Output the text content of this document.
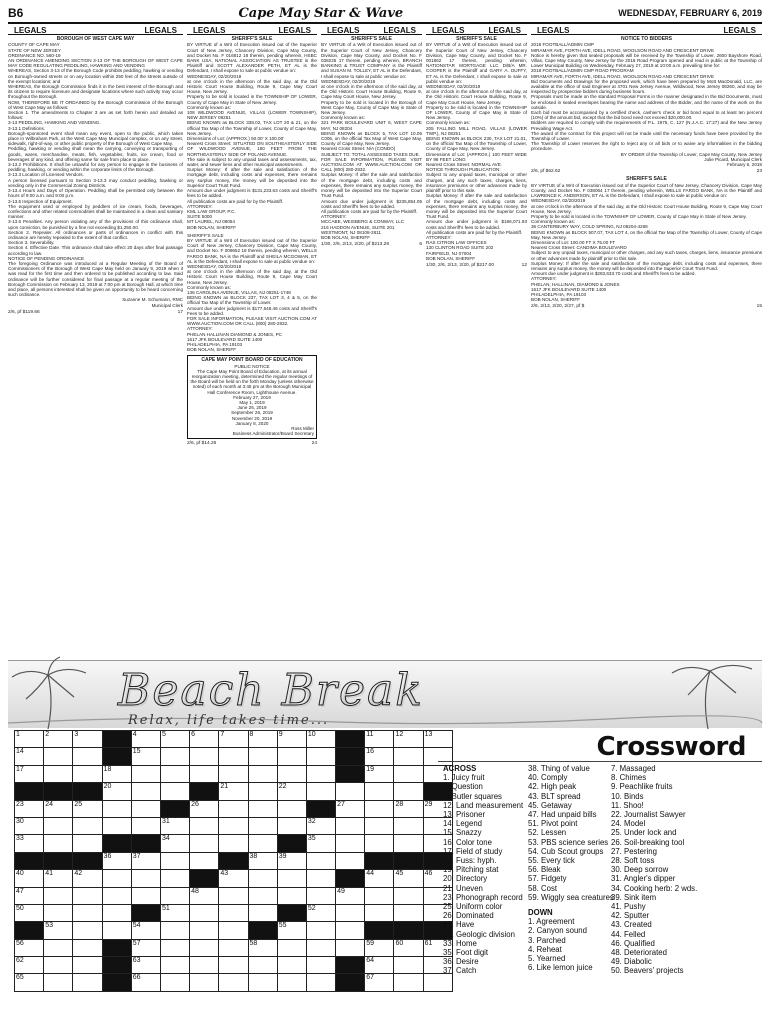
B6	Cape May Star & Wave	WEDNESDAY, FEBRUARY 6, 2019
LEGALS	LEGALS
BOROUGH OF WEST CAPE MAY
COUNTY OF CAPE MAY
STATE OF NEW JERSEY
ORDINANCE NO. 560-19
AN ORDINANCE AMENDING SECTION 3-13 OF THE BOROUGH OF WEST CAPE MAY CODE REGULATING PEDDLING, HAWKING AND VENDING
WHEREAS, Section 3-13 of the Borough Code prohibits peddling, hawking or vending on Borough-owned streets or on any location within 250 feet of the streets outside of the exempt locations; and
WHEREAS, the Borough Commission finds it in the best interest of the Borough and its citizens to require licensure and designate locations where such activity may occur throughout the Borough.
NOW, THEREFORE BE IT ORDAINED by the Borough Commission of the Borough of West Cape May as follows:
Section 1. The amendments to Chapter 3 are as set forth herein and detailed as follows:
3-13 PEDDLING, HAWKING AND VENDING.
3-13.1 Definitions.
Borough-sponsored event shall mean any event, open to the public, which takes place in Wilbraham Park, at the West Cape May Municipal complex, or on any street, sidewalk, right-of-way, or other public property of the Borough of West Cape May.
Peddling, hawking or vending shall mean the carrying, conveying or transporting of goods, wares, merchandise, meats, fish, vegetables, fruits, ice cream, food or beverages of any kind, and offering same for sale from place to place.
3-13.2 Prohibitions. It shall be unlawful for any person to engage in the business of peddling, hawking, or vending within the corporate limits of the Borough.
3-13.3 Location of Licensed Vendors.
A person licensed pursuant to Section 3-13.3 may conduct peddling, hawking or vending only in the Commercial Zoning Districts.
3-13.4 Hours and Days of Operation. Peddling shall be permitted only between the hours of 9:00 a.m. and 9:00 p.m.
3-13.5 Inspection of Equipment.
The equipment used or employed by peddlers of ice cream, foods, beverages, confections and other related commodities shall be maintained in a clean and sanitary manner.
3-13.6 Penalties. Any person violating any of the provisions of this ordinance shall, upon conviction, be punished by a fine not exceeding $1,250.00.
Section 2. Repealer. All ordinances or parts of ordinances in conflict with this ordinance are hereby repealed to the extent of that conflict.
Section 3. Severability.
Section 4. Effective Date. This ordinance shall take effect 20 days after final passage according to law.
NOTICE OF PENDING ORDINANCE
The foregoing Ordinance was introduced at a Regular Meeting of the Board of Commissioners of the Borough of West Cape May held on January 9, 2019 when it was read for the first time and then ordered to be published according to law. Said ordinance will be further considered for final passage at a regular meeting of the Borough Commission on February 13, 2019 at 7:00 pm at Borough Hall, at which time and place, all persons interested shall be given an opportunity to be heard concerning such ordinance.
Suzanne M. Schumann, RMC
Municipal Clerk
2/6, pf $119.66	17
LEGALS	LEGALS
SHERIFF'S SALE
BY VIRTUE of a Writ of Execution issued out of the Superior Court of New Jersey, Chancery Division, Cape May County, and Docket No. F 016812 18 therein, pending wherein, HSBC BANK USA, NATIONAL ASSOCIATION AS TRUSTEE is the Plaintiff and SCOTT ALEXANDER PETH, ET AL is the Defendant, I shall expose to sale at public vendue on:
WEDNESDAY, 02/20/2019
at one o'clock in the afternoon of the said day, at the Old Historic Court House Building, Route 9, Cape May Court House, New Jersey.
Property to be sold is located in the TOWNSHIP OF LOWER, County of Cape May in State of New Jersey.
Commonly known as:
108 WILDWOOD AVENUE, VILLAS (LOWER TOWNSHIP), NEW JERSEY 08251
BEING KNOWN as BLOCK 338.02, TAX LOT 20 & 21, on the official Tax Map of the Township of Lower, County of Cape May, New Jersey.
Dimensions of Lot: (APPROX.) 50.00' X 100.00'
Nearest Cross Street: SITUATED ON SOUTHEASTERLY SIDE OF WILDWOOD AVENUE, 150 FEET FROM THE NORTHEASTERLY SIDE OF POLAND AVENUE.
The sale is subject to any unpaid taxes and assessments, tax, water, and sewer liens and other municipal assessments.
Surplus Money: If after the sale and satisfaction of the mortgage debt, including costs and expenses, there remains any surplus money, the money will be deposited into the Superior Court Trust Fund.
Amount due under judgment is $131,233.63 costs and Sheriff's fees to be added.
All publication costs are paid for by the Plaintiff.
ATTORNEY:
KML LAW GROUP, P.C.
SUITE 5000
MT LAUREL, NJ 08054
BOB NOLAN, SHERIFF
SHERIFF'S SALE
BY VIRTUE of a Writ of Execution issued out of the Superior Court of New Jersey, Chancery Division, Cape May County, and Docket No. F 009652 18 therein, pending wherein, WELLS FARGO BANK, NA is the Plaintiff and SHEILA MCGOWAN, ET AL is the Defendant, I shall expose to sale at public vendue on:
WEDNESDAY, 02/20/2019
at one o'clock in the afternoon of the said day, at the Old Historic Court House Building, Route 9, Cape May Court House, New Jersey.
Commonly known as:
136 CAROLINA AVENUE, VILLAS, NJ 08251-1748
BEING KNOWN as BLOCK 237, TAX LOT 3, 4 & 5, on the official Tax Map of the Township of Lower.
Amount due under judgment is $177,648.46 costs and Sheriff's Fees to be added.
FOR SALE INFORMATION, PLEASE VISIT AUCTION.COM AT WWW.AUCTION.COM OR CALL (800) 280-2832.
ATTORNEY:
PHELAN HALLINAN DIAMOND & JONES, PC
1617 JFK BOULEVARD SUITE 1400
PHILADELPHIA, PA 19103
BOB NOLAN, SHERIFF
CAPE MAY POINT BOARD OF EDUCATION
PUBLIC NOTICE
The Cape May Point Board of Education, at its annual reorganization meeting, determined the regular meetings of the Board will be held on the forth Monday (unless otherwise noted) of each month at 3:45 pm at the Borough Municipal Hall Conference Room, Lighthouse Avenue.
February 27, 2019
May 1, 2019
June 26, 2019
September 26, 2019
November 20, 2019
January 8, 2020
Ross Miller
Business Administrator/Board Secretary
2/6, pf $14.26	24
LEGALS	LEGALS
SHERIFF'S SALE
BY VIRTUE of a Writ of Execution issued out of the Superior Court of New Jersey, Chancery Division, Cape May County, and Docket No. F 038225 17 therein, pending wherein, BRANCH BANKING & TRUST COMPANY is the Plaintiff and SUSAN M. TOLLEY, ET AL is the Defendant, I shall expose to sale at public vendue on:
WEDNESDAY, 02/20/2019
at one o'clock in the afternoon of the said day, at the Old Historic Court House Building, Route 9, Cape May Court House, New Jersey.
Property to be sold is located in the Borough of West Cape May, County of Cape May in State of New Jersey.
Commonly known as:
321 PARK BOULEVARD UNIT 6, WEST CAPE MAY, NJ 08204
BEING KNOWN as BLOCK 5, TAX LOT 10.06 C006, on the official Tax Map of West Cape May, County of Cape May, New Jersey.
Nearest Cross Street: N/A (CONDO)
SUBJECT TO: TOTAL ASSESSED TAXES DUE.
FOR SALE INFORMATION, PLEASE VISIT AUCTION.COM AT WWW.AUCTION.COM OR CALL (800) 280-2832.
Surplus Money: If after the sale and satisfaction of the mortgage debt, including costs and expenses, there remains any surplus money, the money will be deposited into the Superior Court Trust Fund.
Amount due under judgment is $235,854.05 costs and Sheriff's fees to be added.
All publication costs are paid for by the Plaintiff.
ATTORNEY:
MCCABE, WEISBERG & CONWAY, LLC
216 HADDON AVENUE, SUITE 201
WESTMONT, NJ 08108-2811
BOB NOLAN, SHERIFF
1/30, 2/6, 2/13, 2/20, pf $213.28	6
LEGALS	LEGALS
SHERIFF'S SALE
BY VIRTUE of a Writ of Execution issued out of the Superior Court of New Jersey, Chancery Division, Cape May County, and Docket No. F 001862 17 therein, pending wherein, NATIONSTAR MORTGAGE LLC D/B/A MR. COOPER is the Plaintiff and GARY A. DUFFY, ET AL is the Defendant, I shall expose to sale at public vendue on:
WEDNESDAY, 02/20/2019
at one o'clock in the afternoon of the said day, at the Old Historic Court House Building, Route 9, Cape May Court House, New Jersey.
Property to be sold is located in the TOWNSHIP OF LOWER, County of Cape May in State of New Jersey.
Commonly known as:
205 FALLING MILL ROAD, VILLAS (LOWER TWP.), NJ 08251
BEING KNOWN as BLOCK 230, TAX LOT 21.01, on the official Tax Map of the Township of Lower, County of Cape May, New Jersey.
Dimensions of Lot: (APPROX.) 100 FEET WIDE BY 98 FEET LONG
Nearest Cross Street: NORMAL AVE.
NOTICE THROUGH PUBLICATION:
Subject to any unpaid taxes, municipal or other charges, and any such taxes, charges, liens, insurance premiums or other advances made by plaintiff prior to this sale.
Surplus Money: If after the sale and satisfaction of the mortgage debt, including costs and expenses, there remains any surplus money, the money will be deposited into the Superior Court Trust Fund.
Amount due under judgment is $186,071.93 costs and Sheriff's fees to be added.
All publication costs are paid for by the Plaintiff.
ATTORNEY:
RAS CITRON LAW OFFICES
130 CLINTON ROAD SUITE 202
FAIRFIELD, NJ 07004
BOB NOLAN, SHERIFF
1/30, 2/6, 2/13, 2/20, pf $217.00	12
LEGALS	LEGALS
NOTICE TO BIDDERS
2018 FOOTBALL/ADMIN CMP
MIRAMAR AVE, FORTH AVE, IDELL ROAD, WOOLSON ROAD AND CRESCENT DRIVE
Notice is hereby given that sealed proposals will be received by the Township of Lower, 2600 Bayshore Road, Villas, Cape May County, New Jersey for the 2018 Road Program opened and read in public at the Township of Lower Municipal Building on Wednesday, February 27, 2019 at 10:00 a.m. prevailing time for:
2018 FOOTBALL/ADMIN CMP ROAD PROGRAM
MIRAMAR AVE, FORTH AVE, IDELL ROAD, WOOLSON ROAD AND CRESCENT DRIVE
Bid Documents and Drawings for the proposed work, which have been prepared by Mott MacDonald, LLC, are available at the office of said Engineer at 4701 New Jersey Avenue, Wildwood, New Jersey 08260, and may be inspected by prospective bidders during business hours.
Proposals must be made on the standard Proposal Forms in the manner designated in the Bid Documents, must be enclosed in sealed envelopes bearing the name and address of the Bidder, and the name of the work on the outside.
Each bid must be accompanied by a certified check, cashier's check or bid bond equal to at least ten percent (10%) of the amount bid, except that the bid bond need not exceed $20,000.00.
Bidders are required to comply with the requirements of P.L. 1975, C. 127 (N.J.A.C. 17:27) and the New Jersey Prevailing Wage Act.
The award of the contract for this project will not be made until the necessary funds have been provided by the Township of Lower.
The Township of Lower reserves the right to reject any or all bids or to waive any informalities in the bidding procedure.
BY ORDER of the Township of Lower, Cape May County, New Jersey
Julie Picard, Municipal Clerk
February 6, 2019
2/6, pf $62.62	23
SHERIFF'S SALE
BY VIRTUE of a Writ of Execution issued out of the Superior Court of New Jersey, Chancery Division, Cape May County, and Docket No. F 038064 17 therein, pending wherein, WELLS FARGO BANK, NA is the Plaintiff and LAWRENCE K. ANDERSON, ET AL is the Defendant, I shall expose to sale at public vendue on:
WEDNESDAY, 02/20/2019
at one o'clock in the afternoon of the said day, at the Old Historic Court House Building, Route 9, Cape May Court House, New Jersey.
Property to be sold is located in the TOWNSHIP OF LOWER, County of Cape May in State of New Jersey.
Commonly known as:
36 CANTERBURY WAY, COLD SPRING, NJ 08204-4268
BEING KNOWN as BLOCK 507.07, TAX LOT 4, on the official Tax Map of the Township of Lower, County of Cape May, New Jersey.
Dimensions of Lot: 100.00 FT X 75.00 FT
Nearest Cross Street: CANDIMA BOULEVARD
Subject to any unpaid taxes, municipal or other charges, and any such taxes, charges, liens, insurance premiums or other advances made by plaintiff prior to this sale.
Surplus Money: If after the sale and satisfaction of the mortgage debt, including costs and expenses, there remains any surplus money, the money will be deposited into the Superior Court Trust Fund.
Amount due under judgment is $283,633.70 costs and Sheriff's fees to be added.
ATTORNEY:
PHELAN, HALLINAN, DIAMOND & JONES
1617 JFK BOULEVARD SUITE 1400
PHILADELPHIA, PA 19103
BOB NOLAN, SHERIFF
2/6, 2/13, 2/20, 2/27, pf $	15
Beach Break
Relax, life takes time...
1	2	3		4	5	6	7	8	9	10		11	12	13
14				15								16		
17			18									19		
			20				21		22					
23	24	25				26					27		28	29
30					31					32				
33					34					35				
			36	37				38	39					
40	41	42					43					44	45	46
47						48					49			
50					51					52				
	53			54					55					
56				57				58				59	60	61
62				63								64		
65				66								67		
Crossword
ACROSS
1. Juicy fruit
5. Question
8. Butler squares
12. Land measurement
13. Prisoner
14. Legend
15. Snazzy
16. Color tone
17. Field of study
18. Fuss: hyph.
19. Pitching stat
20. Directory
21. Uneven
23. Phonograph record
25. Uniform color
26. Dominated
29. Have
32. Geologic division
33. Home
35. Foot digit
36. Desire
37. Catch
38. Thing of value
40. Comply
42. High peak
43. BLT spread
45. Getaway
47. Had unpaid bills
51. Pivot point
52. Lessen
53. PBS science series
54. Cub Scout groups
55. Every tick
56. Bleak
57. Fidgety
58. Cost
59. Wiggly sea creatures
DOWN
1. Agreement
2. Canyon sound
3. Parched
4. Reheat
5. Yearned
6. Like lemon juice
7. Massaged
8. Chimes
9. Peachlike fruits
10. Binds
11. Shoo!
22. Journalist Sawyer
24. Model
25. Under lock and
26. Soil-breaking tool
27. Pestering
28. Soft toss
30. Deep sorrow
31. Angler's dipper
34. Cooking herb: 2 wds.
39. Sink item
41. Pushy
42. Sputter
43. Created
44. Felled
46. Qualified
48. Deteriorated
49. Diabolic
50. Beavers' projects
